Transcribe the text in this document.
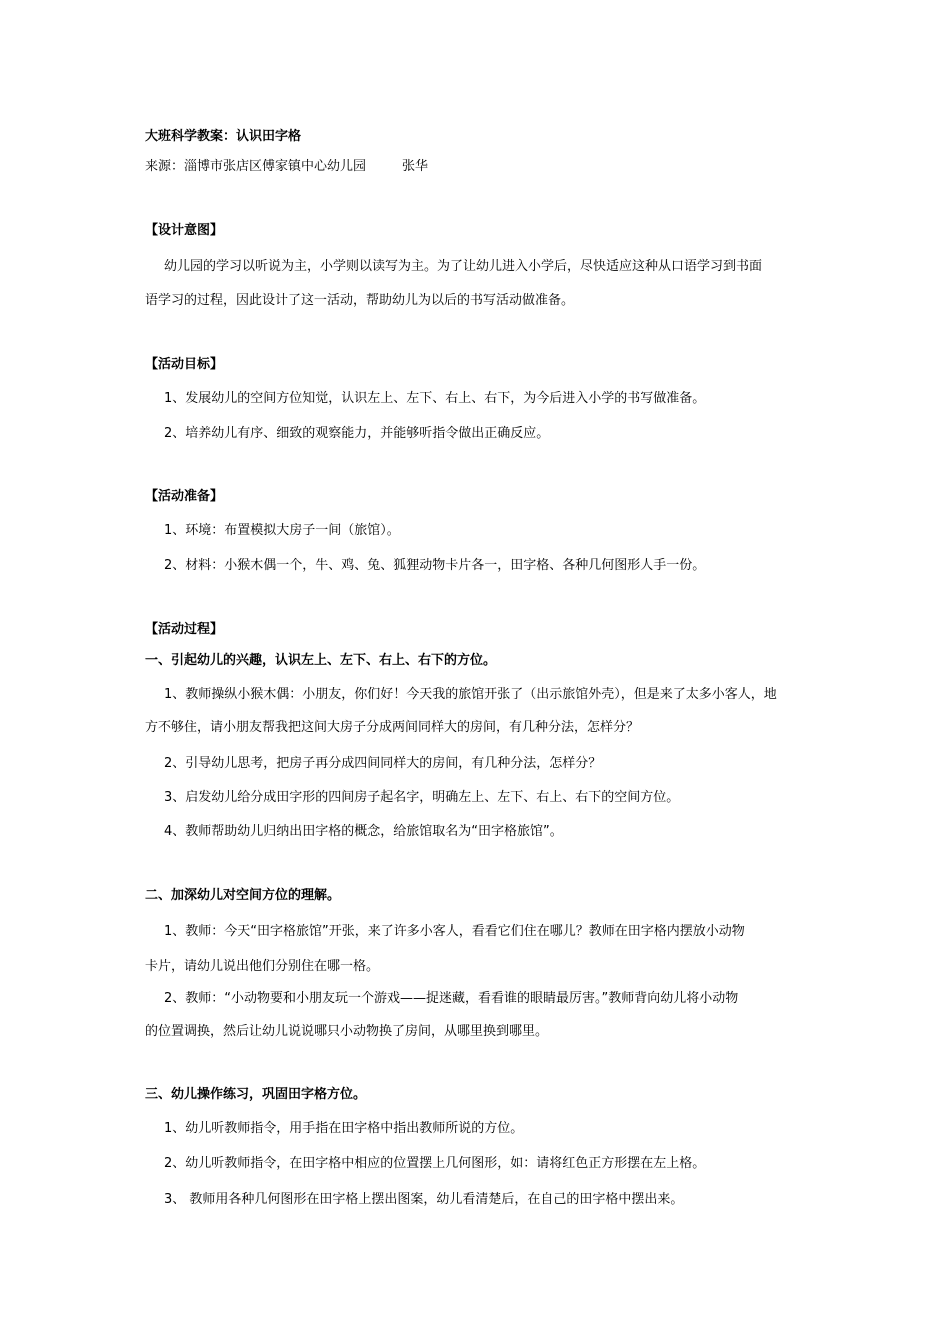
大班科学教案：认识田字格
来源：淄博市张店区傅家镇中心幼儿园	张华
【设计意图】
幼儿园的学习以听说为主，小学则以读写为主。为了让幼儿进入小学后，尽快适应这种从口语学习到书面
语学习的过程，因此设计了这一活动，帮助幼儿为以后的书写活动做准备。
【活动目标】
1、发展幼儿的空间方位知觉，认识左上、左下、右上、右下，为今后进入小学的书写做准备。
2、培养幼儿有序、细致的观察能力，并能够听指令做出正确反应。
【活动准备】
1、环境：布置模拟大房子一间（旅馆）。
2、材料：小猴木偶一个，牛、鸡、兔、狐狸动物卡片各一，田字格、各种几何图形人手一份。
【活动过程】
一、引起幼儿的兴趣，认识左上、左下、右上、右下的方位。
1、教师操纵小猴木偶：小朋友，你们好！今天我的旅馆开张了（出示旅馆外壳），但是来了太多小客人，地
方不够住，请小朋友帮我把这间大房子分成两间同样大的房间，有几种分法，怎样分？
2、引导幼儿思考，把房子再分成四间同样大的房间，有几种分法，怎样分？
3、启发幼儿给分成田字形的四间房子起名字，明确左上、左下、右上、右下的空间方位。
4、教师帮助幼儿归纳出田字格的概念，给旅馆取名为“田字格旅馆”。
二、加深幼儿对空间方位的理解。
1、教师：今天“田字格旅馆”开张，来了许多小客人，看看它们住在哪儿？教师在田字格内摆放小动物
卡片，请幼儿说出他们分别住在哪一格。
2、教师：“小动物要和小朋友玩一个游戏——捉迷藏，看看谁的眼睛最厉害。”教师背向幼儿将小动物
的位置调换，然后让幼儿说说哪只小动物换了房间，从哪里换到哪里。
三、幼儿操作练习，巩固田字格方位。
1、幼儿听教师指令，用手指在田字格中指出教师所说的方位。
2、幼儿听教师指令，在田字格中相应的位置摆上几何图形，如：请将红色正方形摆在左上格。
3、 教师用各种几何图形在田字格上摆出图案，幼儿看清楚后，在自己的田字格中摆出来。
